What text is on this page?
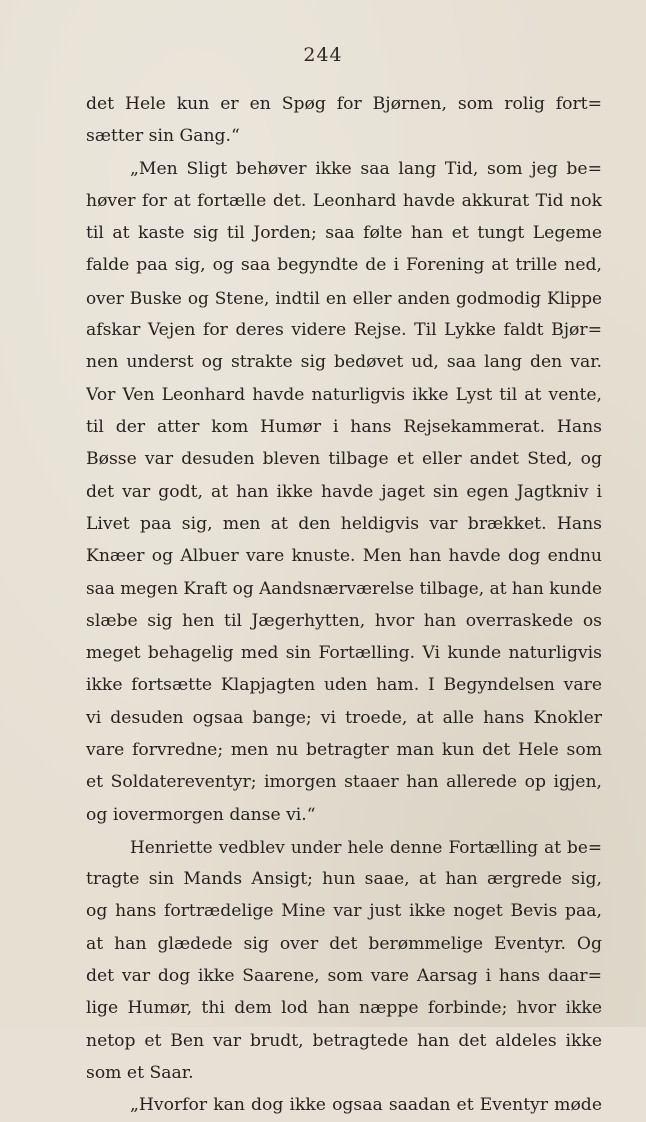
244
det Hele kun er en Spøg for Bjørnen, som rolig fort=
sætter sin Gang.“
„Men Sligt behøver ikke saa lang Tid, som jeg be=
høver for at fortælle det. Leonhard havde akkurat Tid nok
til at kaste sig til Jorden; saa følte han et tungt Legeme
falde paa sig, og saa begyndte de i Forening at trille ned,
over Buske og Stene, indtil en eller anden godmodig Klippe
afskar Vejen for deres videre Rejse. Til Lykke faldt Bjør=
nen underst og strakte sig bedøvet ud, saa lang den var.
Vor Ven Leonhard havde naturligvis ikke Lyst til at vente,
til der atter kom Humør i hans Rejsekammerat. Hans
Bøsse var desuden bleven tilbage et eller andet Sted, og
det var godt, at han ikke havde jaget sin egen Jagtkniv i
Livet paa sig, men at den heldigvis var brækket. Hans
Knæer og Albuer vare knuste. Men han havde dog endnu
saa megen Kraft og Aandsnærværelse tilbage, at han kunde
slæbe sig hen til Jægerhytten, hvor han overraskede os
meget behagelig med sin Fortælling. Vi kunde naturligvis
ikke fortsætte Klapjagten uden ham. I Begyndelsen vare
vi desuden ogsaa bange; vi troede, at alle hans Knokler
vare forvredne; men nu betragter man kun det Hele som
et Soldatereventyr; imorgen staaer han allerede op igjen,
og iovermorgen danse vi.“
Henriette vedblev under hele denne Fortælling at be=
tragte sin Mands Ansigt; hun saae, at han ærgrede sig,
og hans fortrædelige Mine var just ikke noget Bevis paa,
at han glædede sig over det berømmelige Eventyr. Og
det var dog ikke Saarene, som vare Aarsag i hans daar=
lige Humør, thi dem lod han næppe forbinde; hvor ikke
netop et Ben var brudt, betragtede han det aldeles ikke
som et Saar.
„Hvorfor kan dog ikke ogsaa saadan et Eventyr møde
